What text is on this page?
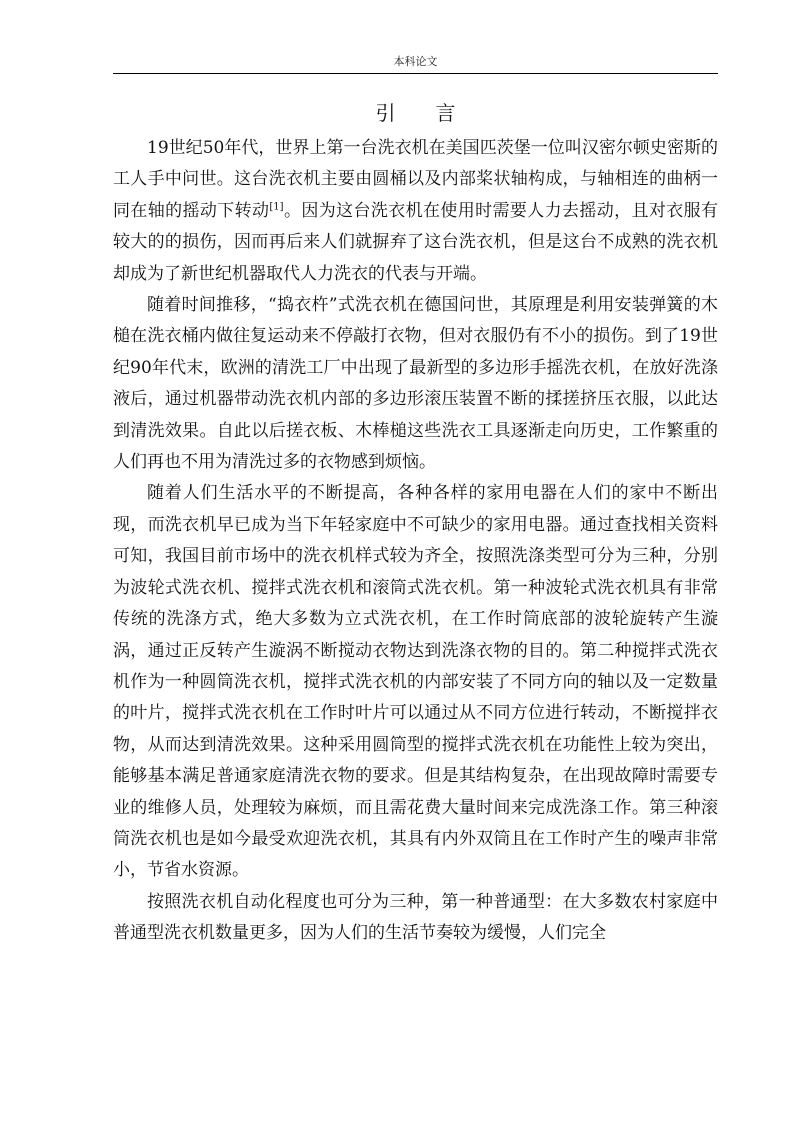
本科论文
引言

19世纪50年代，世界上第一台洗衣机在美国匹茨堡一位叫汉密尔顿史密斯的工人手中问世。这台洗衣机主要由圆桶以及内部桨状轴构成，与轴相连的曲柄一同在轴的摇动下转动[1]。因为这台洗衣机在使用时需要人力去摇动，且对衣服有较大的的损伤，因而再后来人们就摒弃了这台洗衣机，但是这台不成熟的洗衣机却成为了新世纪机器取代人力洗衣的代表与开端。

随着时间推移，“捣衣杵”式洗衣机在德国问世，其原理是利用安装弹簧的木槌在洗衣桶内做往复运动来不停敲打衣物，但对衣服仍有不小的损伤。到了19世纪90年代末，欧洲的清洗工厂中出现了最新型的多边形手摇洗衣机，在放好洗涤液后，通过机器带动洗衣机内部的多边形滚压装置不断的揉搓挤压衣服，以此达到清洗效果。自此以后搓衣板、木棒槌这些洗衣工具逐渐走向历史，工作繁重的人们再也不用为清洗过多的衣物感到烦恼。

随着人们生活水平的不断提高，各种各样的家用电器在人们的家中不断出现，而洗衣机早已成为当下年轻家庭中不可缺少的家用电器。通过查找相关资料可知，我国目前市场中的洗衣机样式较为齐全，按照洗涤类型可分为三种，分别为波轮式洗衣机、搅拌式洗衣机和滚筒式洗衣机。第一种波轮式洗衣机具有非常传统的洗涤方式，绝大多数为立式洗衣机，在工作时筒底部的波轮旋转产生漩涡，通过正反转产生漩涡不断搅动衣物达到洗涤衣物的目的。第二种搅拌式洗衣机作为一种圆筒洗衣机，搅拌式洗衣机的内部安装了不同方向的轴以及一定数量的叶片，搅拌式洗衣机在工作时叶片可以通过从不同方位进行转动，不断搅拌衣物，从而达到清洗效果。这种采用圆筒型的搅拌式洗衣机在功能性上较为突出，能够基本满足普通家庭清洗衣物的要求。但是其结构复杂，在出现故障时需要专业的维修人员，处理较为麻烦，而且需花费大量时间来完成洗涤工作。第三种滚筒洗衣机也是如今最受欢迎洗衣机，其具有内外双筒且在工作时产生的噪声非常小，节省水资源。

按照洗衣机自动化程度也可分为三种，第一种普通型：在大多数农村家庭中普通型洗衣机数量更多，因为人们的生活节奏较为缓慢，人们完全
